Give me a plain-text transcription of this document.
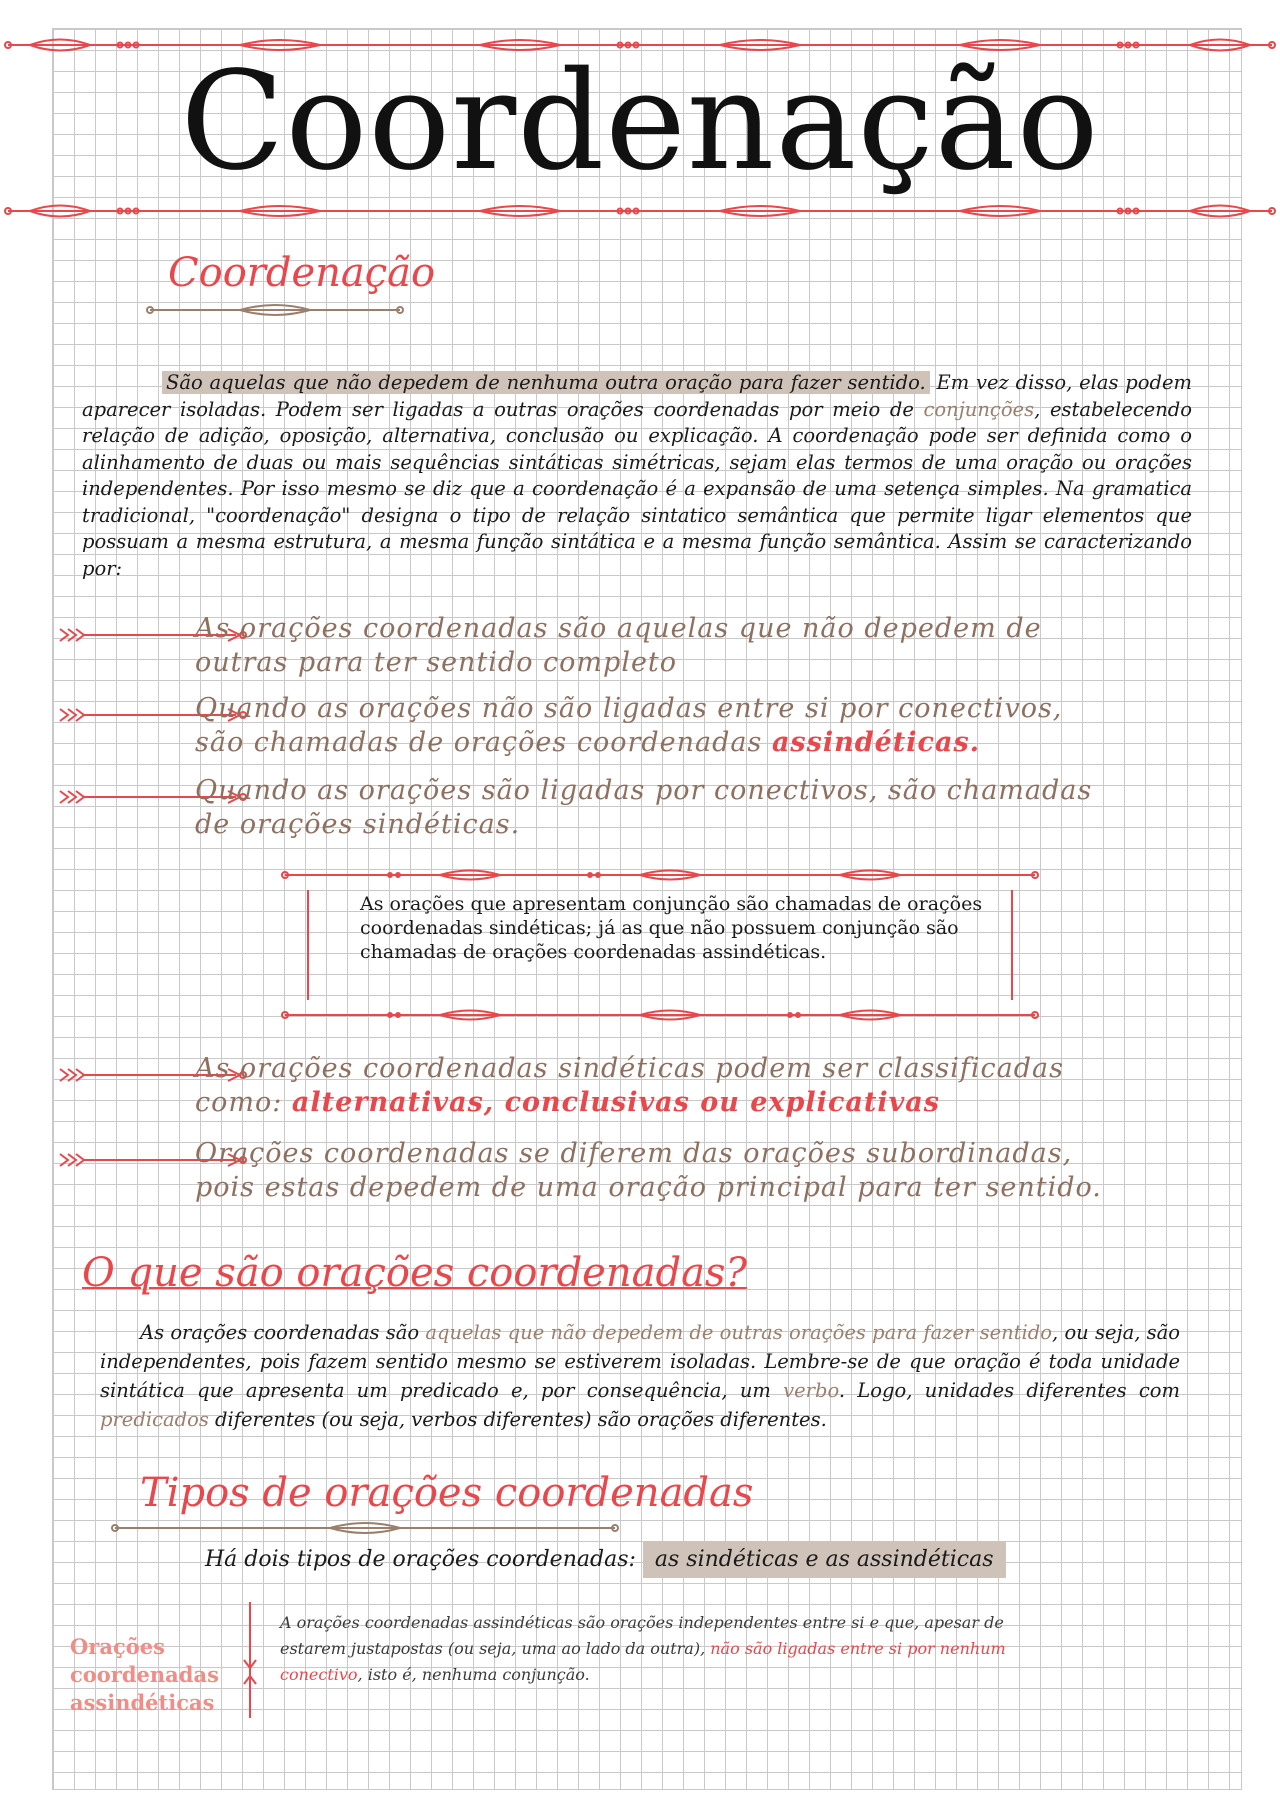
Coordenação
Coordenação

São aquelas que não depedem de nenhuma outra oração para fazer sentido. Em vez disso, elas podem aparecer isoladas. Podem ser ligadas a outras orações coordenadas por meio de conjunções, estabelecendo relação de adição, oposição, alternativa, conclusão ou explicação. A coordenação pode ser definida como o alinhamento de duas ou mais sequências sintáticas simétricas, sejam elas termos de uma oração ou orações independentes. Por isso mesmo se diz que a coordenação é a expansão de uma setença simples. Na gramatica tradicional, "coordenação" designa o tipo de relação sintatico semântica que permite ligar elementos que possuam a mesma estrutura, a mesma função sintática e a mesma função semântica. Assim se caracterizando por:

As orações coordenadas são aquelas que não depedem de outras para ter sentido completo

Quando as orações não são ligadas entre si por conectivos, são chamadas de orações coordenadas assindéticas.

Quando as orações são ligadas por conectivos, são chamadas de orações sindéticas.

As orações que apresentam conjunção são chamadas de orações coordenadas sindéticas; já as que não possuem conjunção são chamadas de orações coordenadas assindéticas.

As orações coordenadas sindéticas podem ser classificadas como: alternativas, conclusivas ou explicativas

Orações coordenadas se diferem das orações subordinadas, pois estas depedem de uma oração principal para ter sentido.

O que são orações coordenadas?

As orações coordenadas são aquelas que não depedem de outras orações para fazer sentido, ou seja, são independentes, pois fazem sentido mesmo se estiverem isoladas. Lembre-se de que oração é toda unidade sintática que apresenta um predicado e, por consequência, um verbo. Logo, unidades diferentes com predicados diferentes (ou seja, verbos diferentes) são orações diferentes.

Tipos de orações coordenadas

Há dois tipos de orações coordenadas: as sindéticas e as assindéticas

Orações coordenadas assindéticas

A orações coordenadas assindéticas são orações independentes entre si e que, apesar de estarem justapostas (ou seja, uma ao lado da outra), não são ligadas entre si por nenhum conectivo, isto é, nenhuma conjunção.
